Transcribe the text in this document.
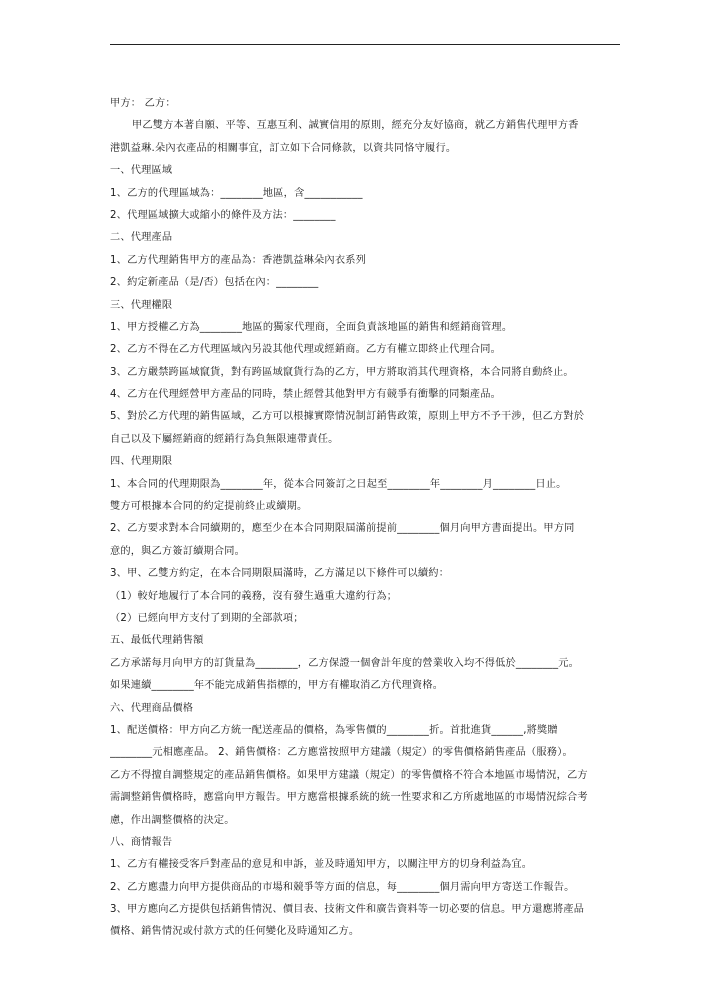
甲方： 乙方：
甲乙雙方本著自願、平等、互惠互利、誠實信用的原則，經充分友好協商，就乙方銷售代理甲方香
港凱益琳.朵內衣產品的相關事宜，訂立如下合同條款，以資共同恪守履行。
一、代理區域
1、乙方的代理區域為：________地區，含___________
2、代理區域擴大或縮小的條件及方法：________
二、代理產品
1、乙方代理銷售甲方的產品為：香港凱益琳朵內衣系列
2、約定新產品（是/否）包括在內：________
三、代理權限
1、甲方授權乙方為________地區的獨家代理商，全面負責該地區的銷售和經銷商管理。
2、乙方不得在乙方代理區域內另設其他代理或經銷商。乙方有權立即終止代理合同。
3、乙方嚴禁跨區域竄貨，對有跨區域竄貨行為的乙方，甲方將取消其代理資格，本合同將自動終止。
4、乙方在代理經營甲方產品的同時，禁止經營其他對甲方有競爭有衝擊的同類產品。
5、對於乙方代理的銷售區域，乙方可以根據實際情況制訂銷售政策，原則上甲方不予干涉，但乙方對於
自己以及下屬經銷商的經銷行為負無限連帶責任。
四、代理期限
1、本合同的代理期限為________年，從本合同簽訂之日起至________年________月________日止。
雙方可根據本合同的約定提前終止或續期。
2、乙方要求對本合同續期的，應至少在本合同期限屆滿前提前________個月向甲方書面提出。甲方同
意的，與乙方簽訂續期合同。
3、甲、乙雙方約定，在本合同期限屆滿時，乙方滿足以下條件可以續約：
（1）較好地履行了本合同的義務，沒有發生過重大違約行為；
（2）已經向甲方支付了到期的全部款項；
五、最低代理銷售額
乙方承諾每月向甲方的訂貨量為________，乙方保證一個會計年度的營業收入均不得低於________元。
如果連續________年不能完成銷售指標的，甲方有權取消乙方代理資格。
六、代理商品價格
1、配送價格：甲方向乙方統一配送產品的價格，為零售價的________折。首批進貨______,將獎贈
________元相應產品。 2、銷售價格：乙方應當按照甲方建議（規定）的零售價格銷售產品（服務）。
乙方不得擅自調整規定的產品銷售價格。如果甲方建議（規定）的零售價格不符合本地區市場情況，乙方
需調整銷售價格時，應當向甲方報告。甲方應當根據系統的統一性要求和乙方所處地區的市場情況綜合考
慮，作出調整價格的決定。
八、商情報告
1、乙方有權接受客戶對產品的意見和申訴，並及時通知甲方，以關注甲方的切身利益為宜。
2、乙方應盡力向甲方提供商品的市場和競爭等方面的信息，每________個月需向甲方寄送工作報告。
3、甲方應向乙方提供包括銷售情況、價目表、技術文件和廣告資料等一切必要的信息。甲方還應將產品
價格、銷售情況或付款方式的任何變化及時通知乙方。
